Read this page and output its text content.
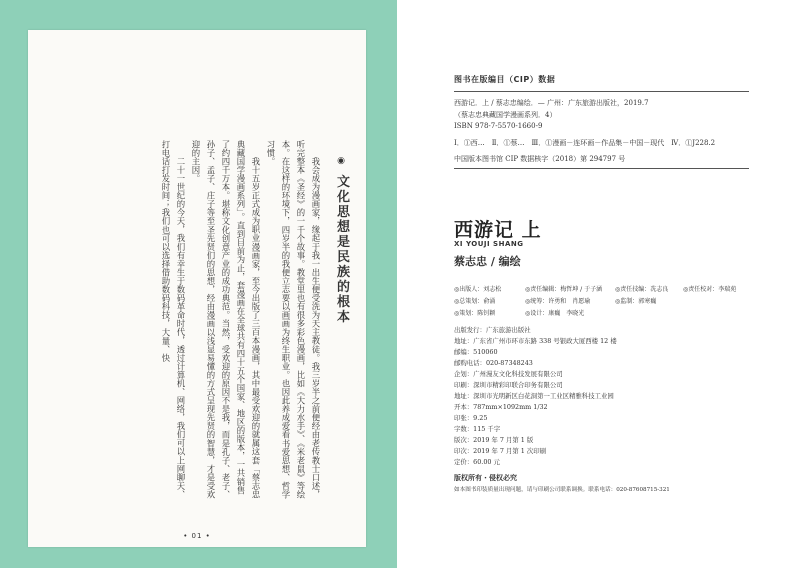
◉ 文化思想是民族的根本
我会成为漫画家，缘起于我一出生便受洗为天主教徒。我三岁半之前便经由老传教士口述，听完整本《圣经》的一千个故事。教堂里也有很多彩色漫画，比如《大力水手》、《米老鼠》等绘本。在这样的环境下，四岁半的我便立志要以画画为终生职业。也因此养成爱看书爱思想、哲学习惯。
我十五岁正式成为职业漫画家，至今出版了三百本漫画，其中最受欢迎的就属这套「蔡志忠典藏国学漫画系列」。直到目前为止，套漫画在全球共有四十五个国家、地区的版本，一共销售了约四千万本。堪称文化创意产业的成功典范。当然，受欢迎的原因不是我，而是孔子、老子、孙子、孟子、庄子等至圣先贤们的思想，经由漫画以浅显易懂的方式呈现先贤的智慧，才是受欢迎的主因。
二十一世纪的今天，我们有幸生于数码革命时代，透过计算机、网络，我们可以上网聊天、打电话打发时间；我们也可以选择借助数码科技，大量、快
• 01 •
图书在版编目（CIP）数据
西游记．上 / 蔡志忠编绘．— 广州：广东旅游出版社，2019.7
（蔡志忠典藏国学漫画系列．4）
ISBN 978-7-5570-1660-9
Ⅰ．①西…　Ⅱ．①蔡…　Ⅲ．①漫画－连环画－作品集－中国－现代　Ⅳ．①J228.2
中国版本图书馆 CIP 数据核字（2018）第 294797 号
西游记 上
XI YOUJI SHANG
蔡志忠 / 编绘
◎出版人：刘志松	◎责任编辑：梅哲坤 / 于子涵 ◎责任技编：冼志良 ◎责任校对：李瑞苑
◎总策划：俞涌	◎统筹：许勇和　肖愿瑜	◎监制：郭寒巍
◎策划：陈钊颖	◎设计：康巍　李晓光
出版发行：广东旅游出版社
地址：广东省广州市环市东路 338 号银政大厦西楼 12 楼
邮编：510060
邮购电话：020-87348243
企划：广州漫友文化科技发展有限公司
印刷：深圳市精彩印联合印务有限公司
地址：深圳市光明新区白花洞第一工业区精雅科技工业园
开本：787mm×1092mm 1/32
印张：9.25
字数：115 千字
版次：2019 年 7 月第 1 版
印次：2019 年 7 月第 1 次印刷
定价：60.00 元
版权所有・侵权必究
如本图书印装质量出现问题，请与印刷公司联系调换。联系电话：020-87608715-321
